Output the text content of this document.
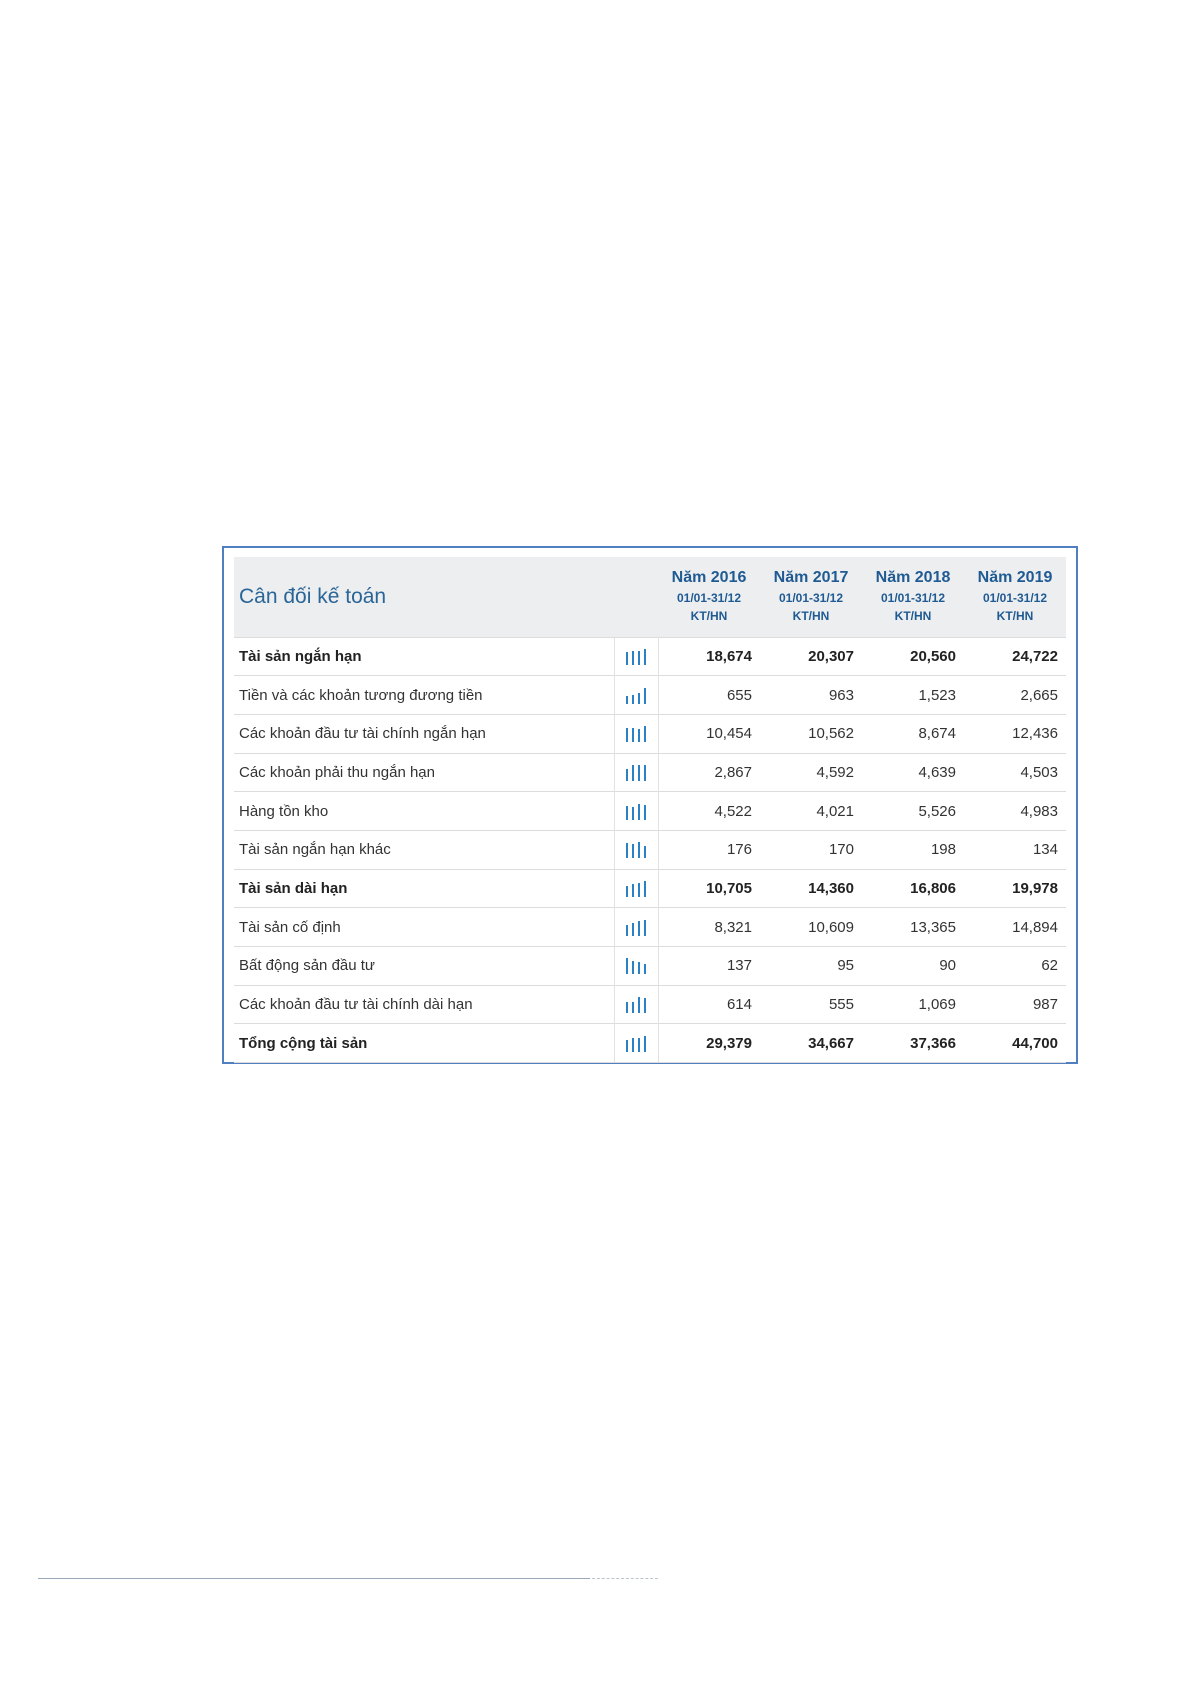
Cân đối kế toán		Năm 2016
01/01-31/12
KT/HN	Năm 2017
01/01-31/12
KT/HN	Năm 2018
01/01-31/12
KT/HN	Năm 2019
01/01-31/12
KT/HN

Tài sản ngắn hạn		18,674	20,307	20,560	24,722
Tiền và các khoản tương đương tiền		655	963	1,523	2,665
Các khoản đầu tư tài chính ngắn hạn		10,454	10,562	8,674	12,436
Các khoản phải thu ngắn hạn		2,867	4,592	4,639	4,503
Hàng tồn kho		4,522	4,021	5,526	4,983
Tài sản ngắn hạn khác		176	170	198	134
Tài sản dài hạn		10,705	14,360	16,806	19,978
Tài sản cố định		8,321	10,609	13,365	14,894
Bất động sản đầu tư		137	95	90	62
Các khoản đầu tư tài chính dài hạn		614	555	1,069	987
Tổng cộng tài sản		29,379	34,667	37,366	44,700
